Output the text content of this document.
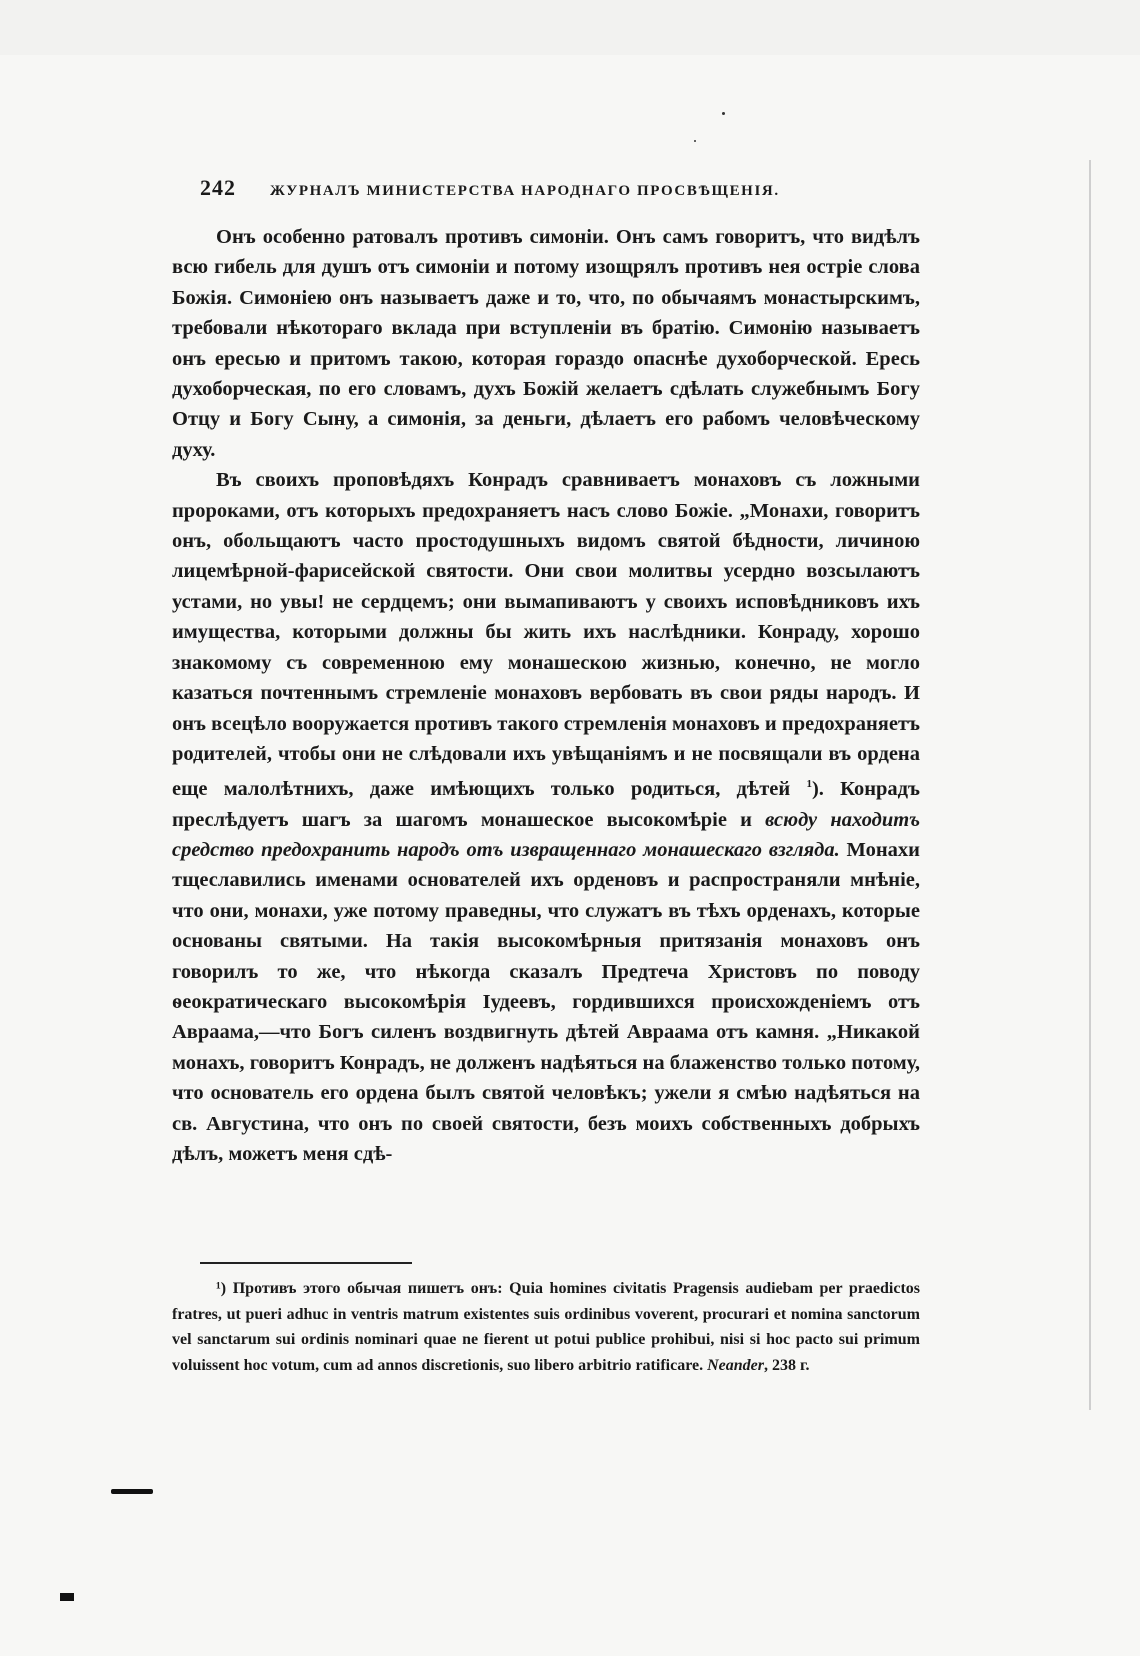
242 ЖУРНАЛЪ МИНИСТЕРСТВА НАРОДНАГО ПРОСВѢЩЕНІЯ.

Онъ особенно ратовалъ противъ симоніи. Онъ самъ говоритъ, что видѣлъ всю гибель для душъ отъ симоніи и потому изощрялъ противъ нея остріе слова Божія. Симоніею онъ называетъ даже и то, что, по обычаямъ монастырскимъ, требовали нѣкотораго вклада при вступленіи въ братію. Симонію называетъ онъ ересью и притомъ такою, которая гораздо опаснѣе духоборческой. Ересь духоборческая, по его словамъ, духъ Божій желаетъ сдѣлать служебнымъ Богу Отцу и Богу Сыну, а симонія, за деньги, дѣлаетъ его рабомъ человѣческому духу.

Въ своихъ проповѣдяхъ Конрадъ сравниваетъ монаховъ съ ложными пророками, отъ которыхъ предохраняетъ насъ слово Божіе. „Монахи, говоритъ онъ, обольщаютъ часто простодушныхъ видомъ святой бѣдности, личиною лицемѣрной-фарисейской святости. Они свои молитвы усердно возсылаютъ устами, но увы! не сердцемъ; они вымапиваютъ у своихъ исповѣдниковъ ихъ имущества, которыми должны бы жить ихъ наслѣдники. Конраду, хорошо знакомому съ современною ему монашескою жизнью, конечно, не могло казаться почтеннымъ стремленіе монаховъ вербовать въ свои ряды народъ. И онъ всецѣло вооружается противъ такого стремленія монаховъ и предохраняетъ родителей, чтобы они не слѣдовали ихъ увѣщаніямъ и не посвящали въ ордена еще малолѣтнихъ, даже имѣющихъ только родиться, дѣтей $^1$). Конрадъ преслѣдуетъ шагъ за шагомъ монашеское высокомѣріе и всюду находитъ средство предохранить народъ отъ извращеннаго монашескаго взгляда. Монахи тщеславились именами основателей ихъ орденовъ и распространяли мнѣніе, что они, монахи, уже потому праведны, что служатъ въ тѣхъ орденахъ, которые основаны святыми. На такія высокомѣрныя притязанія монаховъ онъ говорилъ то же, что нѣкогда сказалъ Предтеча Христовъ по поводу ѳеократическаго высокомѣрія Іудеевъ, гордившихся происхожденіемъ отъ Авраама,—что Богъ силенъ воздвигнуть дѣтей Авраама отъ камня. „Никакой монахъ, говоритъ Конрадъ, не долженъ надѣяться на блаженство только потому, что основатель его ордена былъ святой человѣкъ; ужели я смѣю надѣяться на св. Августина, что онъ по своей святости, безъ моихъ собственныхъ добрыхъ дѣлъ, можетъ меня сдѣ-

¹) Противъ этого обычая пишетъ онъ: Quia homines civitatis Pragensis audiebam per praedictos fratres, ut pueri adhuc in ventris matrum existentes suis ordinibus voverent, procurari et nomina sanctorum vel sanctarum sui ordinis nominari quae ne fierent ut potui publice prohibui, nisi si hoc pacto sui primum voluissent hoc votum, cum ad annos discretionis, suo libero arbitrio ratificare. Neander, 238 г.
